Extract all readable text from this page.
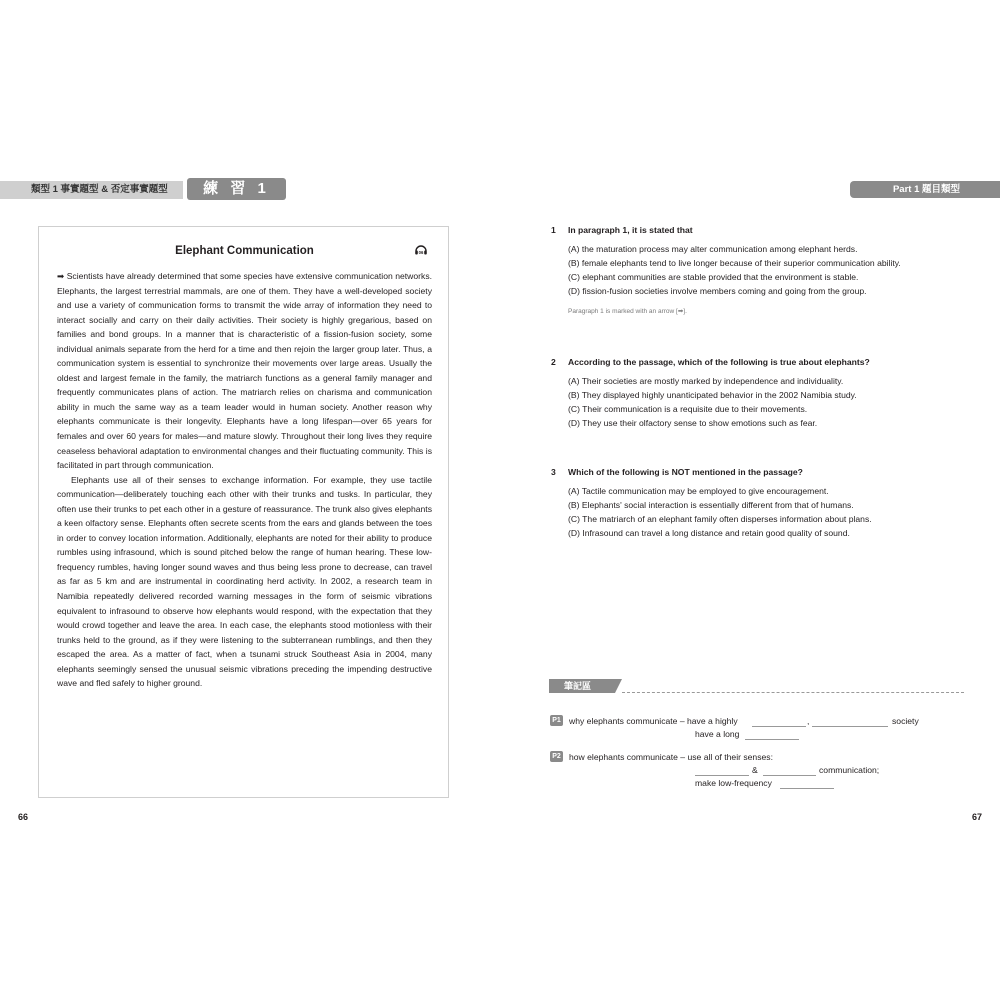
類型 1 事實題型 & 否定事實題型	練 習 1	Part 1 題目類型
Elephant Communication	06

➡ Scientists have already determined that some species have extensive communication networks. Elephants, the largest terrestrial mammals, are one of them. They have a well-developed society and use a variety of communication forms to transmit the wide array of information they need to interact socially and carry on their daily activities. Their society is highly gregarious, based on families and bond groups. In a manner that is characteristic of a fission-fusion society, some individual animals separate from the herd for a time and then rejoin the larger group later. Thus, a communication system is essential to synchronize their movements over large areas. Usually the oldest and largest female in the family, the matriarch functions as a general family manager and frequently communicates plans of action. The matriarch relies on charisma and communication ability in much the same way as a team leader would in human society. Another reason why elephants communicate is their longevity. Elephants have a long lifespan—over 65 years for females and over 60 years for males—and mature slowly. Throughout their long lives they require ceaseless behavioral adaptation to environmental changes and their fluctuating community. This is facilitated in part through communication.

Elephants use all of their senses to exchange information. For example, they use tactile communication—deliberately touching each other with their trunks and tusks. In particular, they often use their trunks to pet each other in a gesture of reassurance. The trunk also gives elephants a keen olfactory sense. Elephants often secrete scents from the ears and glands between the toes in order to convey location information. Additionally, elephants are noted for their ability to produce rumbles using infrasound, which is sound pitched below the range of human hearing. These low-frequency rumbles, having longer sound waves and thus being less prone to decrease, can travel as far as 5 km and are instrumental in coordinating herd activity. In 2002, a research team in Namibia repeatedly delivered recorded warning messages in the form of seismic vibrations equivalent to infrasound to observe how elephants would respond, with the expectation that they would crowd together and leave the area. In each case, the elephants stood motionless with their trunks held to the ground, as if they were listening to the subterranean rumblings, and then they escaped the area. As a matter of fact, when a tsunami struck Southeast Asia in 2004, many elephants seemingly sensed the unusual seismic vibrations preceding the impending destructive wave and fled safely to higher ground.

66	67
1 In paragraph 1, it is stated that
(A) the maturation process may alter communication among elephant herds.
(B) female elephants tend to live longer because of their superior communication ability.
(C) elephant communities are stable provided that the environment is stable.
(D) fission-fusion societies involve members coming and going from the group.
Paragraph 1 is marked with an arrow [➡].
2 According to the passage, which of the following is true about elephants?
(A) Their societies are mostly marked by independence and individuality.
(B) They displayed highly unanticipated behavior in the 2002 Namibia study.
(C) Their communication is a requisite due to their movements.
(D) They use their olfactory sense to show emotions such as fear.
3 Which of the following is NOT mentioned in the passage?
(A) Tactile communication may be employed to give encouragement.
(B) Elephants' social interaction is essentially different from that of humans.
(C) The matriarch of an elephant family often disperses information about plans.
(D) Infrasound can travel a long distance and retain good quality of sound.
筆記區
P1 why elephants communicate – have a highly	,	society
have a long
P2 how elephants communicate – use all of their senses:
&	communication;
make low-frequency
